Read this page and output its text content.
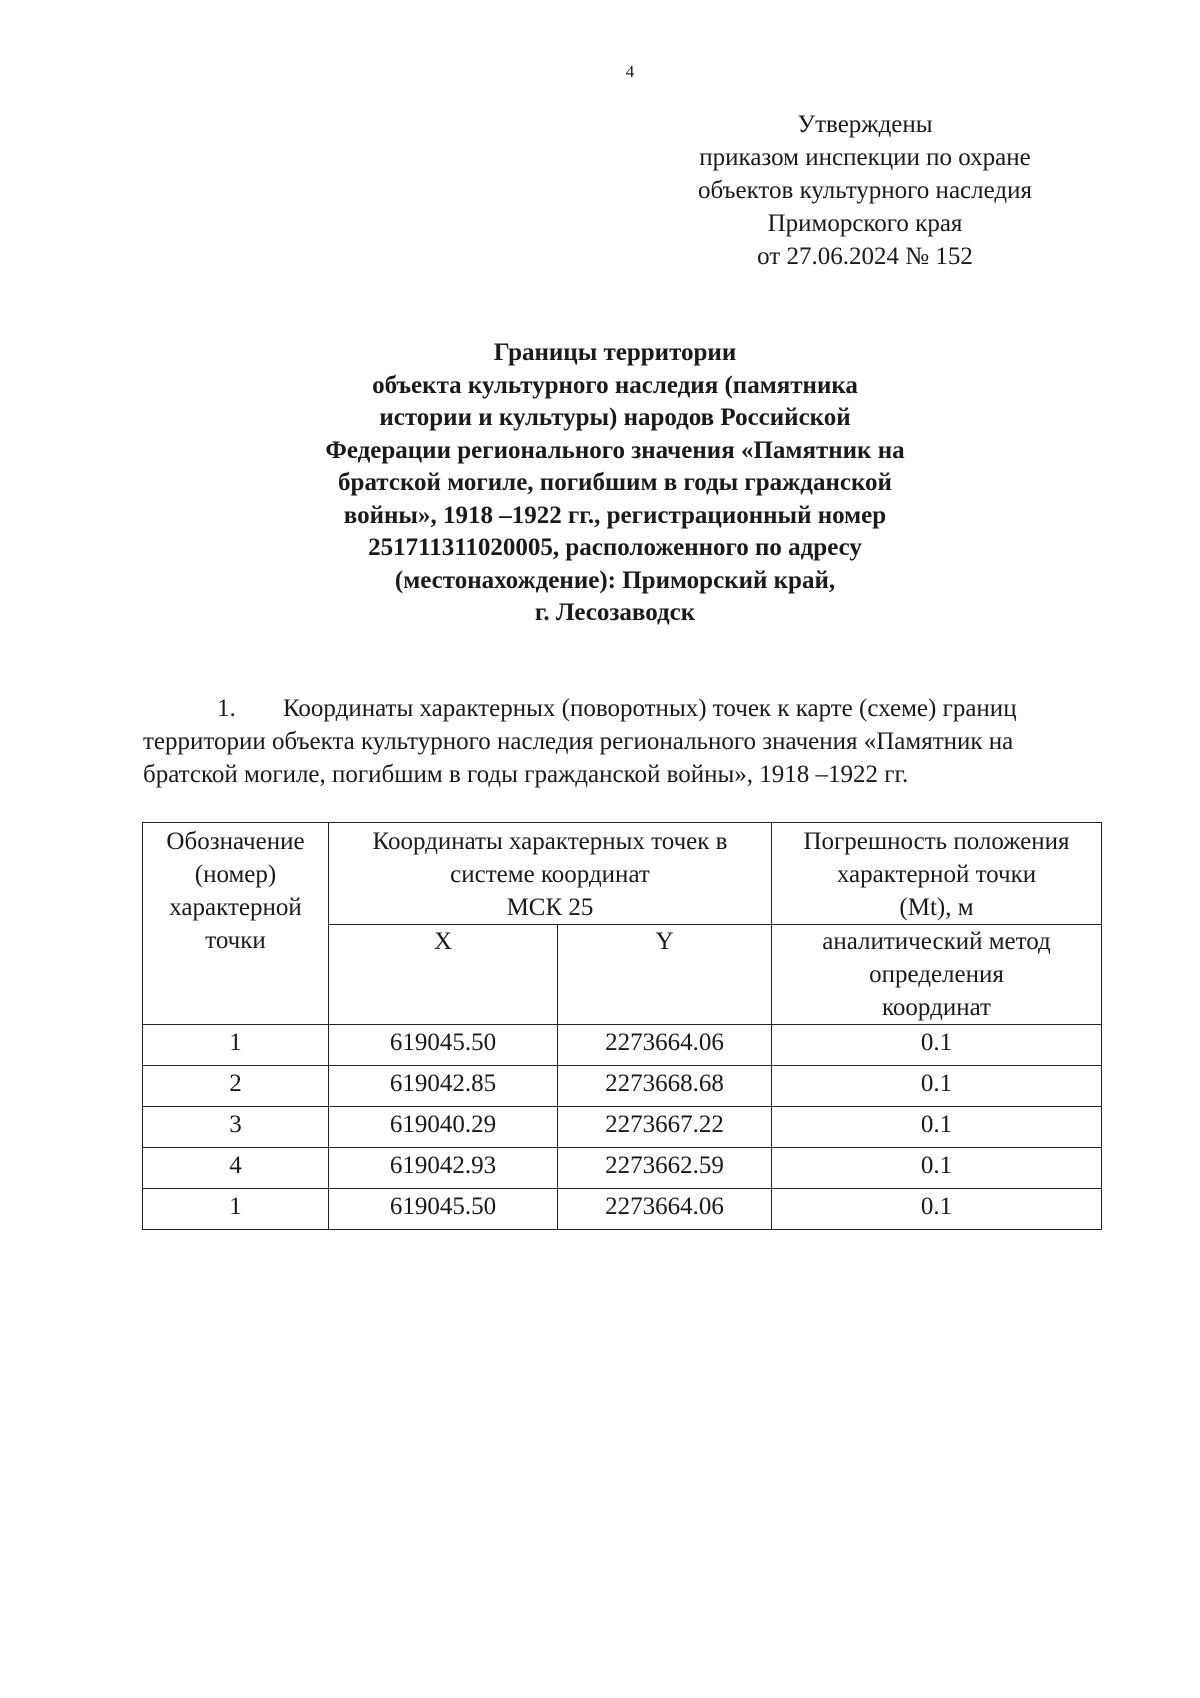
4
Утверждены
приказом инспекции по охране
объектов культурного наследия
Приморского края
от 27.06.2024 № 152
Границы территории
объекта культурного наследия (памятника
истории и культуры) народов Российской
Федерации регионального значения «Памятник на
братской могиле, погибшим в годы гражданской
войны», 1918 –1922 гг., регистрационный номер
251711311020005, расположенного по адресу
(местонахождение): Приморский край,
г. Лесозаводск
1. Координаты характерных (поворотных) точек к карте (схеме) границ
территории объекта культурного наследия регионального значения «Памятник на
братской могиле, погибшим в годы гражданской войны», 1918 –1922 гг.
Обозначение
(номер)
характерной
точки	Координаты характерных точек в
системе координат
МСК 25		Погрешность положения
характерной точки
(Mt), м

	X	Y	аналитический метод
определения
координат

1	619045.50	2273664.06	0.1
2	619042.85	2273668.68	0.1
3	619040.29	2273667.22	0.1
4	619042.93	2273662.59	0.1
1	619045.50	2273664.06	0.1
